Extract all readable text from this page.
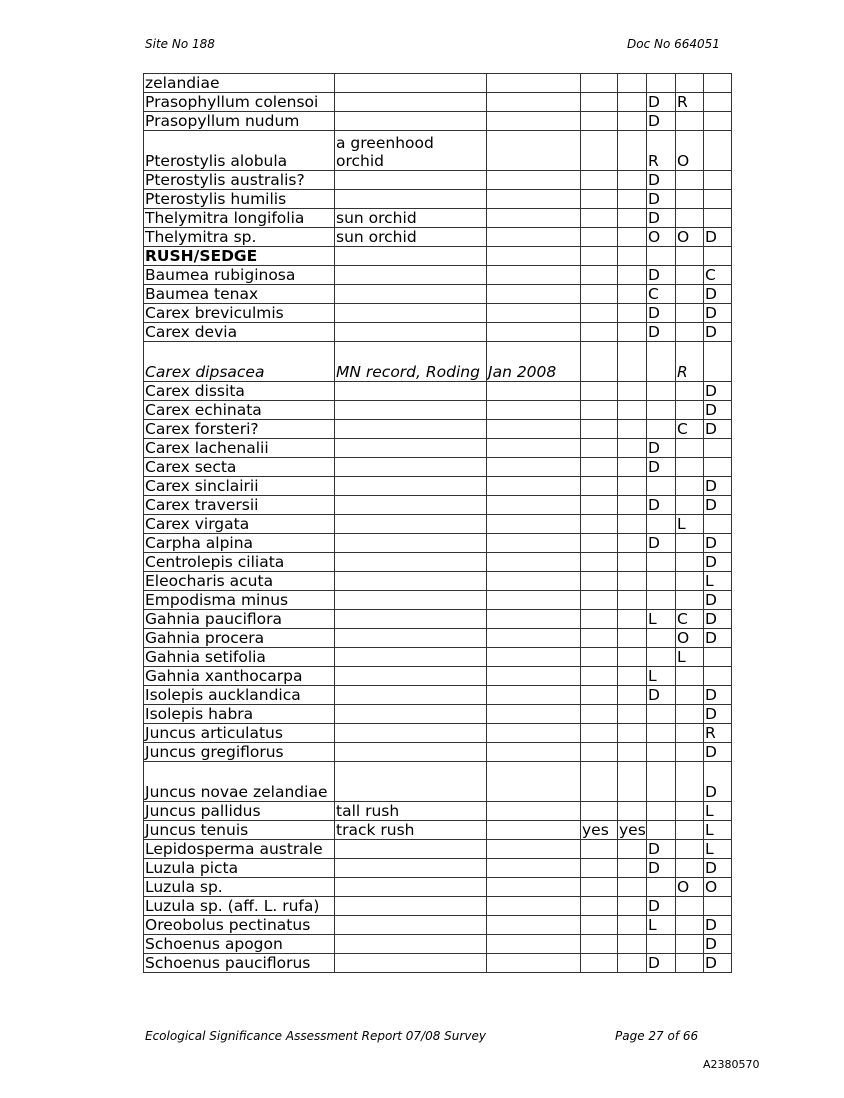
Site No 188	Doc No 664051
zelandiae							
Prasophyllum colensoi					D	R	
Prasopyllum nudum					D		
Pterostylis alobula	a greenhood orchid				R	O	
Pterostylis australis?					D		
Pterostylis humilis					D		
Thelymitra longifolia	sun orchid				D		
Thelymitra sp.	sun orchid				O	O	D
RUSH/SEDGE							
Baumea rubiginosa					D		C
Baumea tenax					C		D
Carex breviculmis					D		D
Carex devia					D		D
Carex dipsacea	MN record, Roding	Jan 2008				R	
Carex dissita							D
Carex echinata							D
Carex forsteri?						C	D
Carex lachenalii					D		
Carex secta					D		
Carex sinclairii							D
Carex traversii					D		D
Carex virgata						L	
Carpha alpina					D		D
Centrolepis ciliata							D
Eleocharis acuta							L
Empodisma minus							D
Gahnia pauciflora					L	C	D
Gahnia procera						O	D
Gahnia setifolia						L	
Gahnia xanthocarpa					L		
Isolepis aucklandica					D		D
Isolepis habra							D
Juncus articulatus							R
Juncus gregiflorus							D
Juncus novae zelandiae							D
Juncus pallidus	tall rush						L
Juncus tenuis	track rush		yes	yes			L
Lepidosperma australe					D		L
Luzula picta					D		D
Luzula sp.						O	O
Luzula sp. (aff. L. rufa)					D		
Oreobolus pectinatus					L		D
Schoenus apogon							D
Schoenus pauciflorus					D		D
Ecological Significance Assessment Report 07/08 Survey	Page 27 of 66
A2380570
